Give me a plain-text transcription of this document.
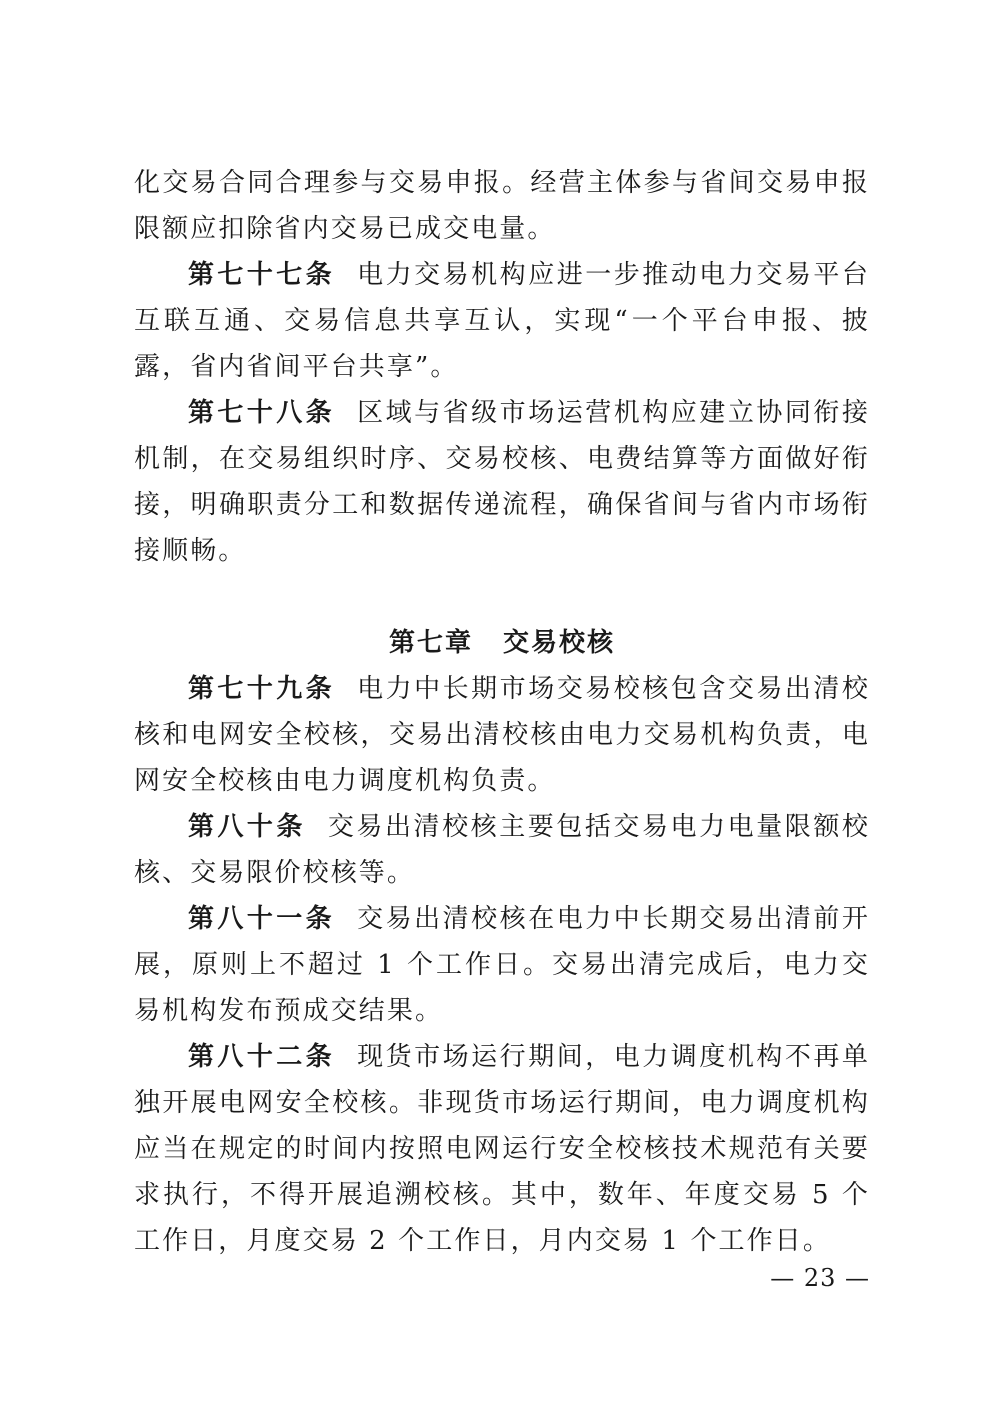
化交易合同合理参与交易申报。经营主体参与省间交易申报限额应扣除省内交易已成交电量。

第七十七条 电力交易机构应进一步推动电力交易平台互联互通、交易信息共享互认，实现“一个平台申报、披露，省内省间平台共享”。

第七十八条 区域与省级市场运营机构应建立协同衔接机制，在交易组织时序、交易校核、电费结算等方面做好衔接，明确职责分工和数据传递流程，确保省间与省内市场衔接顺畅。

第七章 交易校核

第七十九条 电力中长期市场交易校核包含交易出清校核和电网安全校核，交易出清校核由电力交易机构负责，电网安全校核由电力调度机构负责。

第八十条 交易出清校核主要包括交易电力电量限额校核、交易限价校核等。

第八十一条 交易出清校核在电力中长期交易出清前开展，原则上不超过 1 个工作日。交易出清完成后，电力交易机构发布预成交结果。

第八十二条 现货市场运行期间，电力调度机构不再单独开展电网安全校核。非现货市场运行期间，电力调度机构应当在规定的时间内按照电网运行安全校核技术规范有关要求执行，不得开展追溯校核。其中，数年、年度交易 5 个工作日，月度交易 2 个工作日，月内交易 1 个工作日。

— 23 —
